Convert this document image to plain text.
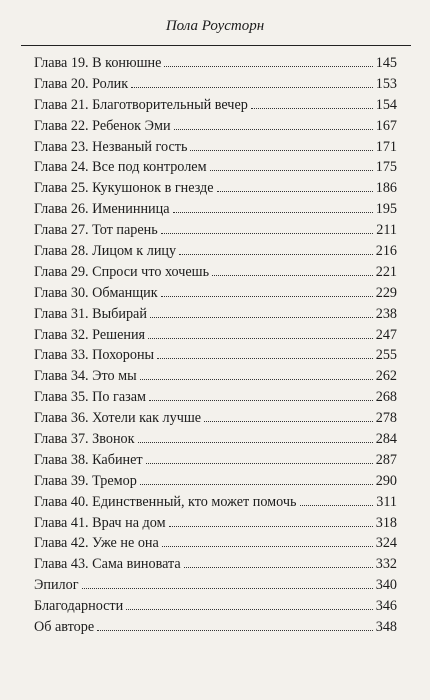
Пола Роусторн
Глава 19. В конюшне	145
Глава 20. Ролик	153
Глава 21. Благотворительный вечер	154
Глава 22. Ребенок Эми	167
Глава 23. Незваный гость	171
Глава 24. Все под контролем	175
Глава 25. Кукушонок в гнезде	186
Глава 26. Именинница	195
Глава 27. Тот парень	211
Глава 28. Лицом к лицу	216
Глава 29. Спроси что хочешь	221
Глава 30. Обманщик	229
Глава 31. Выбирай	238
Глава 32. Решения	247
Глава 33. Похороны	255
Глава 34. Это мы	262
Глава 35. По газам	268
Глава 36. Хотели как лучше	278
Глава 37. Звонок	284
Глава 38. Кабинет	287
Глава 39. Тремор	290
Глава 40. Единственный, кто может помочь	311
Глава 41. Врач на дом	318
Глава 42. Уже не она	324
Глава 43. Сама виновата	332
Эпилог	340
Благодарности	346
Об авторе	348
